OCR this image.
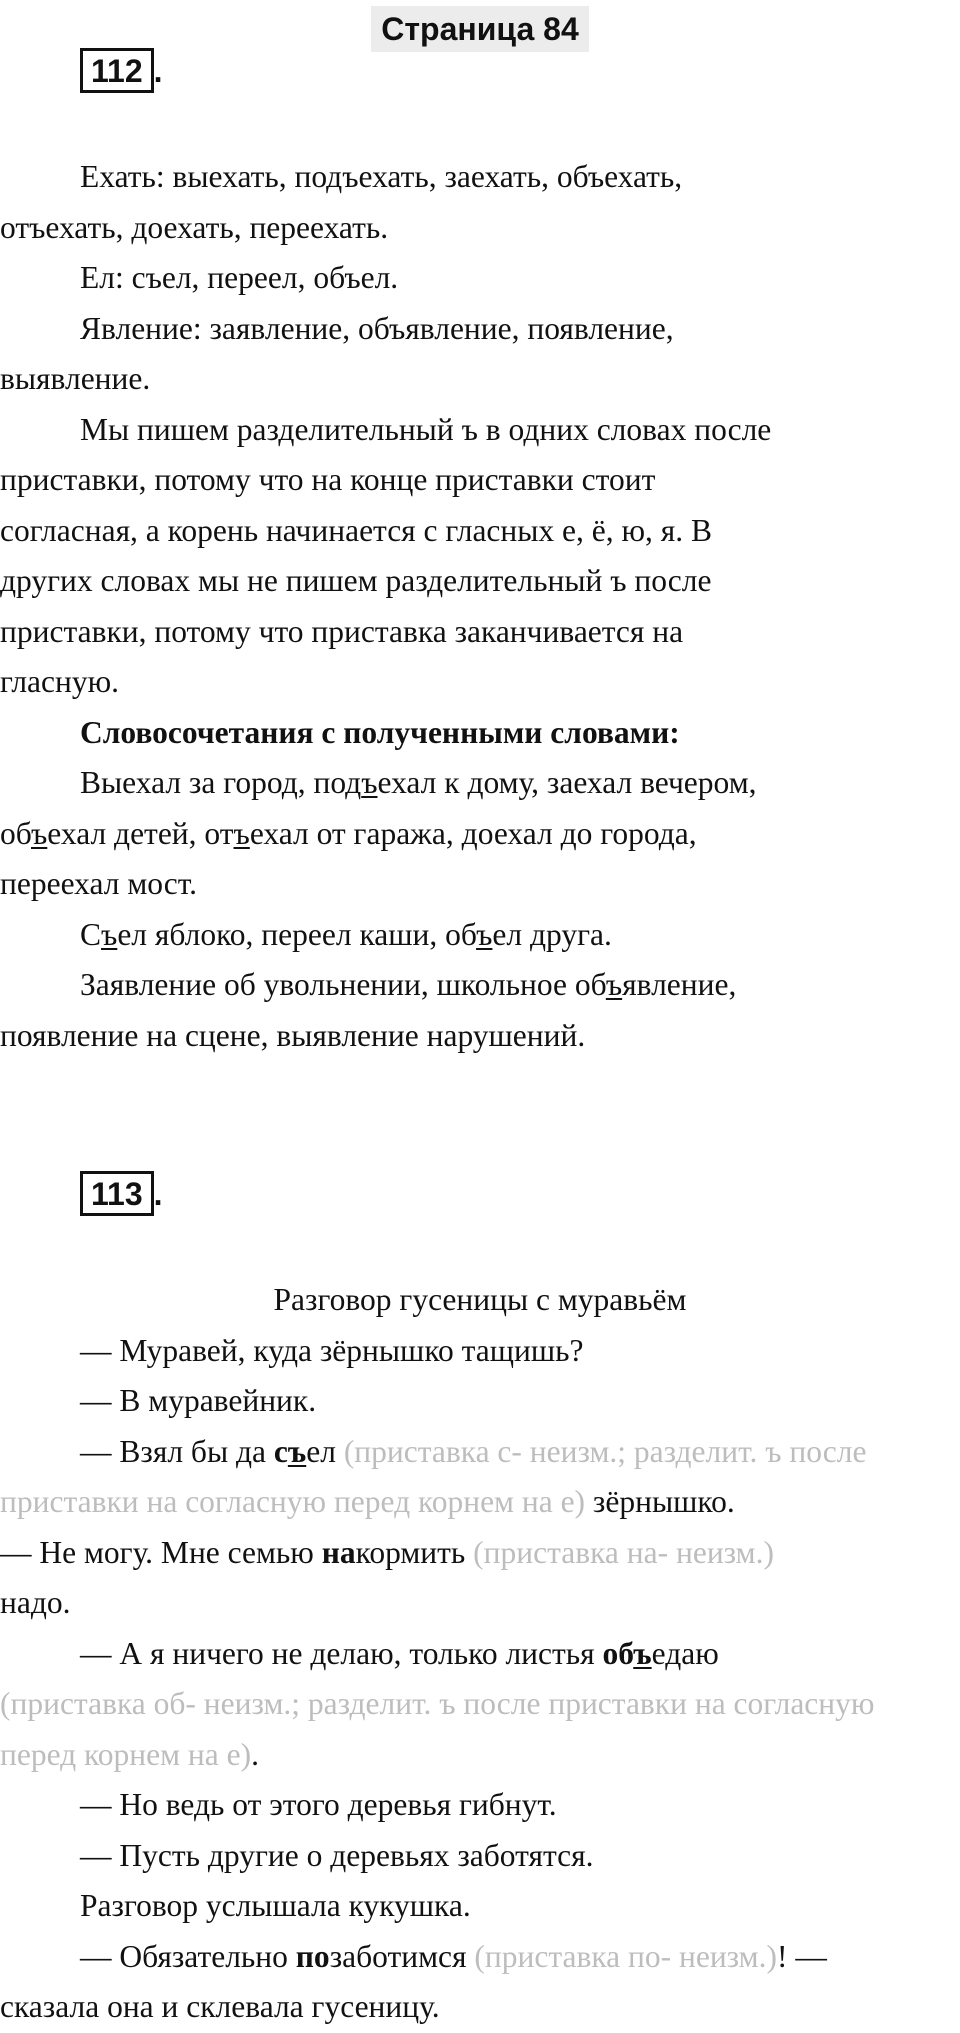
Страница 84
112 .

Ехать: выехать, подъехать, заехать, объехать,

отъехать, доехать, переехать.

Ел: съел, переел, объел.

Явление: заявление, объявление, появление,

выявление.

Мы пишем разделительный ъ в одних словах после

приставки, потому что на конце приставки стоит

согласная, а корень начинается с гласных е, ё, ю, я. В

других словах мы не пишем разделительный ъ после

приставки, потому что приставка заканчивается на

гласную.

Словосочетания с полученными словами:

Выехал за город, подъехал к дому, заехал вечером,

объехал детей, отъехал от гаража, доехал до города,

переехал мост.

Съел яблоко, переел каши, объел друга.

Заявление об увольнении, школьное объявление,

появление на сцене, выявление нарушений.

113 .

Разговор гусеницы с муравьём

— Муравей, куда зёрнышко тащишь?

— В муравейник.

— Взял бы да съел (приставка с- неизм.; разделит. ъ после

приставки на согласную перед корнем на е) зёрнышко.

— Не могу. Мне семью накормить (приставка на- неизм.)

надо.

— А я ничего не делаю, только листья объедаю

(приставка об- неизм.; разделит. ъ после приставки на согласную

перед корнем на е).

— Но ведь от этого деревья гибнут.

— Пусть другие о деревьях заботятся.

Разговор услышала кукушка.

— Обязательно позаботимся (приставка по- неизм.)! —

сказала она и склевала гусеницу.
